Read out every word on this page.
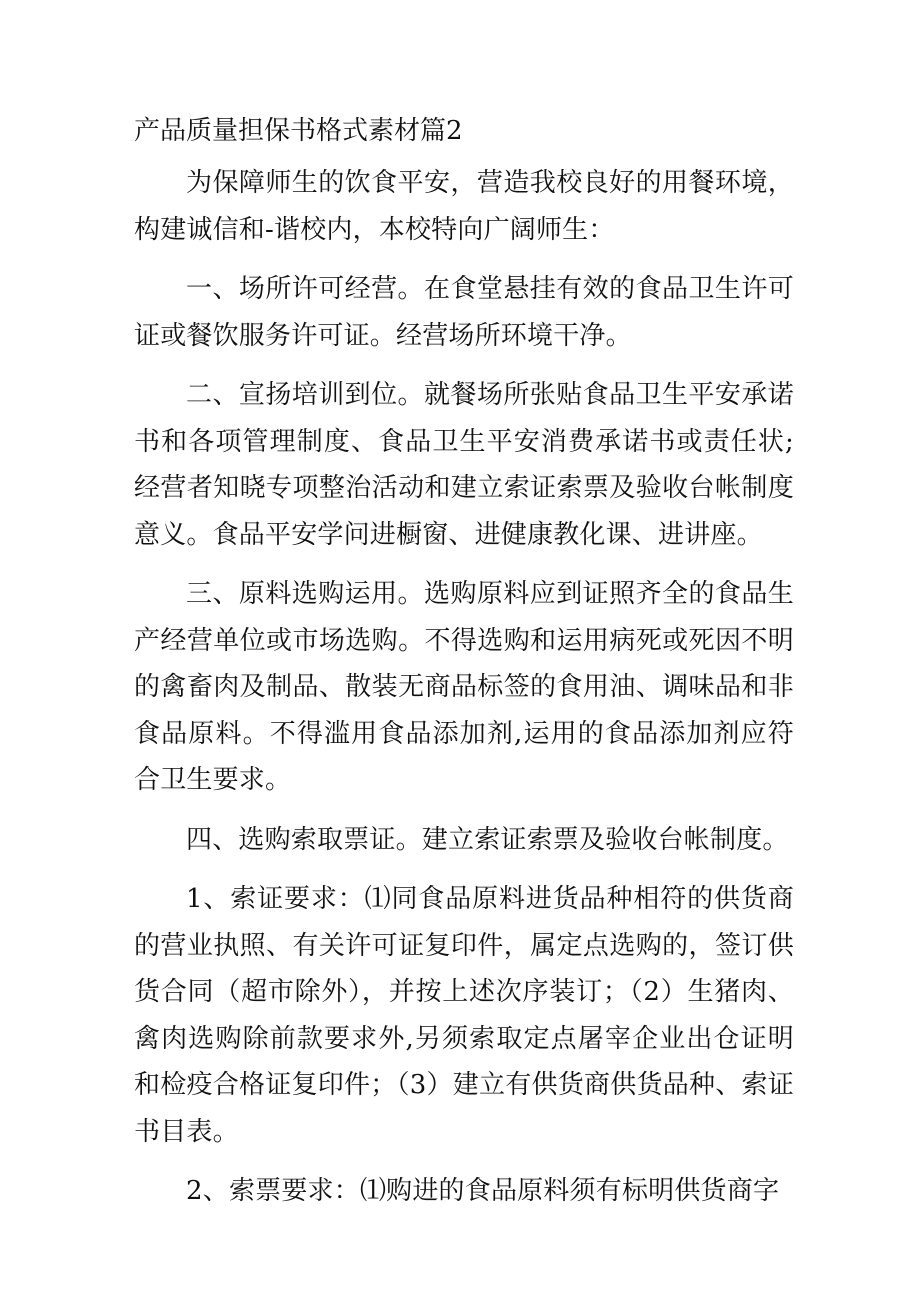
产品质量担保书格式素材篇2

为保障师生的饮食平安，营造我校良好的用餐环境，构建诚信和-谐校内，本校特向广阔师生：

一、场所许可经营。在食堂悬挂有效的食品卫生许可证或餐饮服务许可证。经营场所环境干净。

二、宣扬培训到位。就餐场所张贴食品卫生平安承诺书和各项管理制度、食品卫生平安消费承诺书或责任状;经营者知晓专项整治活动和建立索证索票及验收台帐制度意义。食品平安学问进橱窗、进健康教化课、进讲座。

三、原料选购运用。选购原料应到证照齐全的食品生产经营单位或市场选购。不得选购和运用病死或死因不明的禽畜肉及制品、散装无商品标签的食用油、调味品和非食品原料。不得滥用食品添加剂,运用的食品添加剂应符合卫生要求。

四、选购索取票证。建立索证索票及验收台帐制度。

1、索证要求：⑴同食品原料进货品种相符的供货商的营业执照、有关许可证复印件，属定点选购的，签订供货合同（超市除外），并按上述次序装订；（2）生猪肉、禽肉选购除前款要求外,另须索取定点屠宰企业出仓证明和检疫合格证复印件；（3）建立有供货商供货品种、索证书目表。

2、索票要求：⑴购进的食品原料须有标明供货商字
